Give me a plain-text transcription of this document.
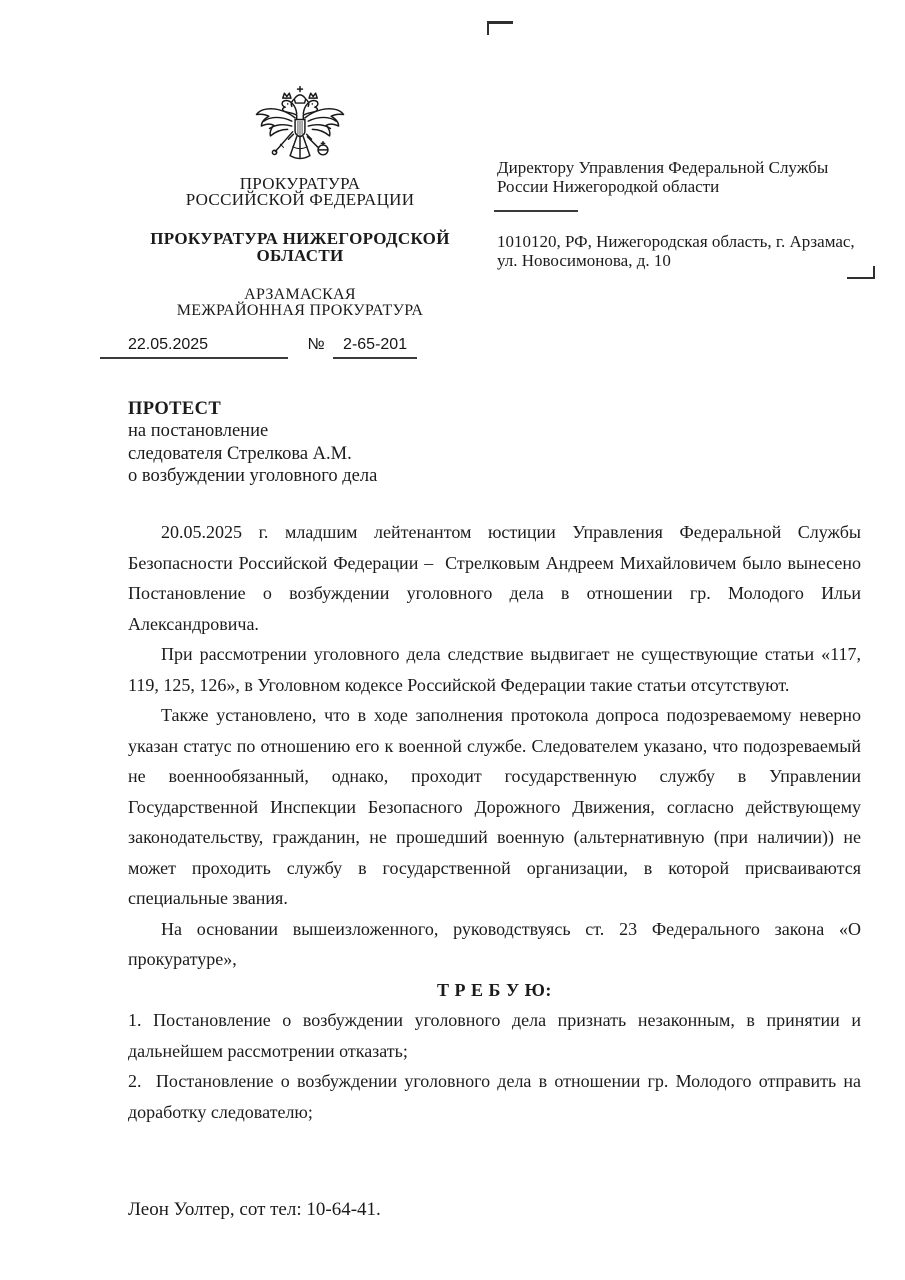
ПРОКУРАТУРА
РОССИЙСКОЙ ФЕДЕРАЦИИ
ПРОКУРАТУРА НИЖЕГОРОДСКОЙ
ОБЛАСТИ
АРЗАМАСКАЯ
МЕЖРАЙОННАЯ ПРОКУРАТУРА
Директору Управления Федеральной Службы
России Нижегородкой области
1010120, РФ, Нижегородская область, г. Арзамас,
ул. Новосимонова, д. 10
22.05.2025	№ 2-65-201
ПРОТЕСТ
на постановление
следователя Стрелкова А.М.
о возбуждении уголовного дела

20.05.2025 г. младшим лейтенантом юстиции Управления Федеральной Службы Безопасности Российской Федерации –  Стрелковым Андреем Михайловичем было вынесено Постановление о возбуждении уголовного дела в отношении гр. Молодого Ильи Александровича.

При рассмотрении уголовного дела следствие выдвигает не существующие статьи «117, 119, 125, 126», в Уголовном кодексе Российской Федерации такие статьи отсутствуют.

Также установлено, что в ходе заполнения протокола допроса подозреваемому неверно указан статус по отношению его к военной службе. Следователем указано, что подозреваемый не военнообязанный, однако, проходит государственную службу в Управлении Государственной Инспекции Безопасного Дорожного Движения, согласно действующему законодательству, гражданин, не прошедший военную (альтернативную (при наличии)) не может проходить службу в государственной организации, в которой присваиваются специальные звания.

На основании вышеизложенного, руководствуясь ст. 23 Федерального закона «О прокуратуре»,

Т Р Е Б У Ю:

1. Постановление о возбуждении уголовного дела признать незаконным, в принятии и дальнейшем рассмотрении отказать;

2.  Постановление о возбуждении уголовного дела в отношении гр. Молодого отправить на доработку следователю;

Леон Уолтер, сот тел: 10-64-41.
